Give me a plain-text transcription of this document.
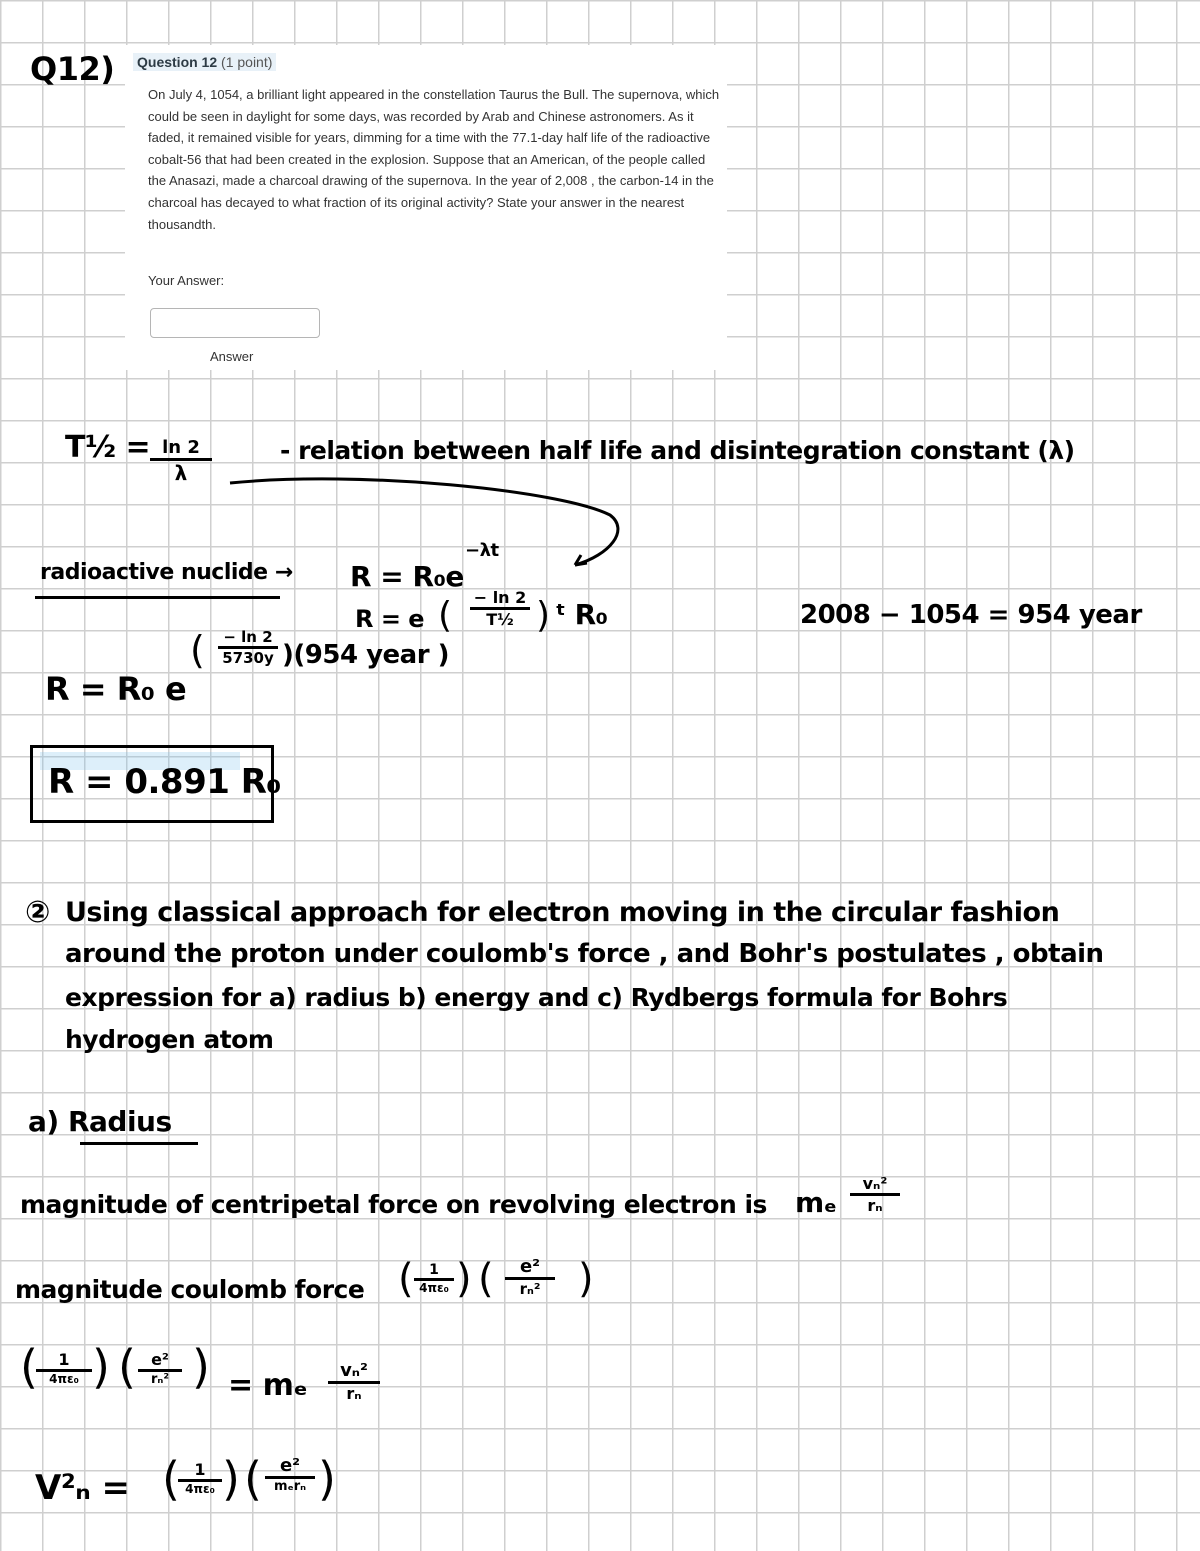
Q12) Question 12 (1 point)
On July 4, 1054, a brilliant light appeared in the constellation Taurus the Bull. The supernova, which could be seen in daylight for some days, was recorded by Arab and Chinese astronomers. As it faded, it remained visible for years, dimming for a time with the 77.1-day half life of the radioactive cobalt-56 that had been created in the explosion. Suppose that an American, of the people called the Anasazi, made a charcoal drawing of the supernova. In the year of 2,008 , the carbon-14 in the charcoal has decayed to what fraction of its original activity? State your answer in the nearest thousandth.
Your Answer:
Answer
T½ = $\frac{\ln 2}{\lambda}$	- relation between half life and disintegration constant (λ)
radioactive nuclide → R = R₀e
−λt
R = e ( $\frac{- \ln 2}{\text{T½}}$ ) ᵗ R₀	2008 − 1054 = 954 year
R = R₀ e
( $\frac{- \ln 2}{5730y} )(954$ year )
R = 0.891 R₀
② Using classical approach for electron moving in the circular fashion
around the proton under coulomb's force , and Bohr's postulates , obtain
expression for a) radius b) energy and c) Rydbergs formula for Bohrs
hydrogen atom
a) Radius
magnitude of centripetal force on revolving electron is mₑ $\frac{\text{vₙ²}}{\text{rₙ}}$
magnitude coulomb force ( $\frac{1}{\text{4πε₀}}$ ) (	e²
rₙ² )
(	1
4πε₀ ) ( e²
rₙ² ) = mₑ $\frac{\text{vₙ²}}{\text{rₙ}}$
V²ₙ = ( 1
4πε₀ ) (	e²
mₑrₙ )
